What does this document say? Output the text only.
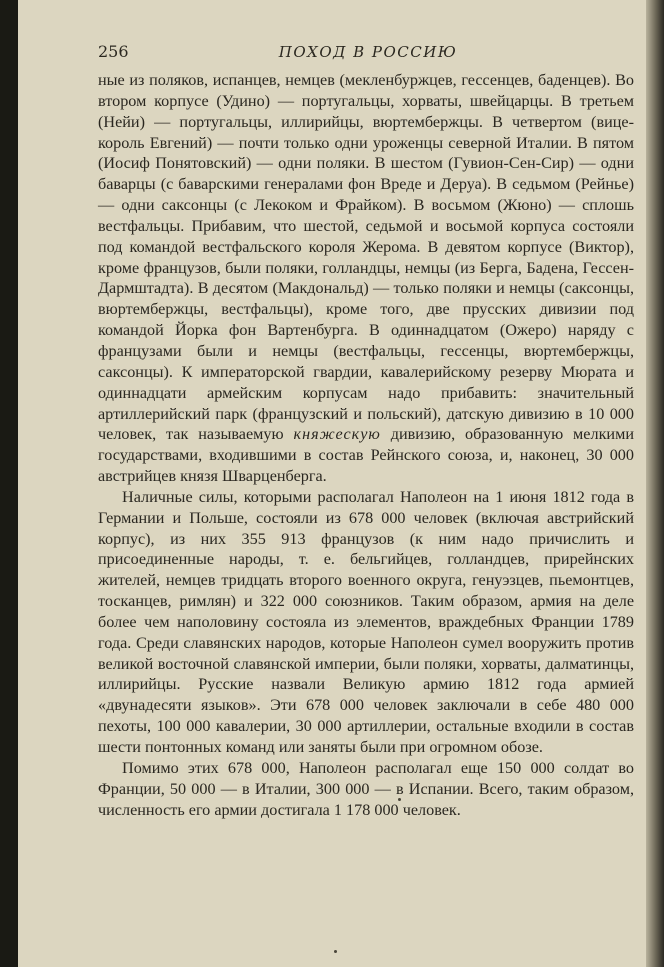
256	ПОХОД В РОССИЮ

ные из поляков, испанцев, немцев (мекленбуржцев, гессенцев, баденцев). Во втором корпусе (Удино) — португальцы, хорваты, швейцарцы. В третьем (Нейи) — португальцы, иллирийцы, вюртембержцы. В четвертом (вице-король Евгений) — почти только одни уроженцы северной Италии. В пятом (Иосиф Понятовский) — одни поляки. В шестом (Гувион-Сен-Сир) — одни баварцы (с баварскими генералами фон Вреде и Деруа). В седьмом (Рейнье) — одни саксонцы (с Лекоком и Фрайком). В восьмом (Жюно) — сплошь вестфальцы. Прибавим, что шестой, седьмой и восьмой корпуса состояли под командой вестфальского короля Жерома. В девятом корпусе (Виктор), кроме французов, были поляки, голландцы, немцы (из Берга, Бадена, Гессен-Дармштадта). В десятом (Макдональд) — только поляки и немцы (саксонцы, вюртембержцы, вестфальцы), кроме того, две прусских дивизии под командой Йорка фон Вартенбурга. В одиннадцатом (Ожеро) наряду с французами были и немцы (вестфальцы, гессенцы, вюртембержцы, саксонцы). К императорской гвардии, кавалерийскому резерву Мюрата и одиннадцати армейским корпусам надо прибавить: значительный артиллерийский парк (французский и польский), датскую дивизию в 10 000 человек, так называемую княжескую дивизию, образованную мелкими государствами, входившими в состав Рейнского союза, и, наконец, 30 000 австрийцев князя Шварценберга.

Наличные силы, которыми располагал Наполеон на 1 июня 1812 года в Германии и Польше, состояли из 678 000 человек (включая австрийский корпус), из них 355 913 французов (к ним надо причислить и присоединенные народы, т. е. бельгийцев, голландцев, прирейнских жителей, немцев тридцать второго военного округа, генуэзцев, пьемонтцев, тосканцев, римлян) и 322 000 союзников. Таким образом, армия на деле более чем наполовину состояла из элементов, враждебных Франции 1789 года. Среди славянских народов, которые Наполеон сумел вооружить против великой восточной славянской империи, были поляки, хорваты, далматинцы, иллирийцы. Русские назвали Великую армию 1812 года армией «двунадесяти языков». Эти 678 000 человек заключали в себе 480 000 пехоты, 100 000 кавалерии, 30 000 артиллерии, остальные входили в состав шести понтонных команд или заняты были при огромном обозе.

Помимо этих 678 000, Наполеон располагал еще 150 000 солдат во Франции, 50 000 — в Италии, 300 000 — в Испании. Всего, таким образом, численность его армии достигала 1 178 000 человек.
